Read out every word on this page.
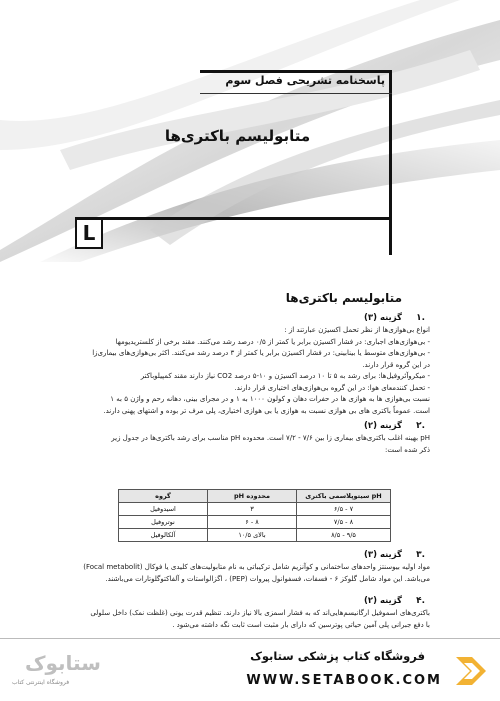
پاسخنامه تشریحی فصل سوم
متابولیسم باکتری‌ها
L
متابولیسم باکتری‌ها
۱.
گزینه (۳)
انواع بی‌هوازی‌ها از نظر تحمل اکسیژن عبارتند از :
- بی‌هوازی‌های اجباری: در فشار اکسیژن برابر یا کمتر از ۰/۵ درصد رشد می‌کنند. مقند برخی از کلستریدیومها
- بی‌هوازی‌های متوسط یا بینابینی: در فشار اکسیژن برابر یا کمتر از ۳ درصد رشد می‌کنند. اکثر بی‌هوازی‌های بیماری‌زا
در این گروه قرار دارند.
- میکروآئروفیل‌ها: برای رشد به ۵ تا ۱۰ درصد اکسیژن و ۱۰-۵ درصد CO2 نیاز دارند مقند کمپیلوباکتر
- تحمل کنندمعای هوا: در این گروه بی‌هوازی‌های اختیاری قرار دارند.
نسبت بی‌هوازی ها به هوازی ها در حفرات دهان و کولون ۱۰۰۰ به ۱ و در مجرای بینی، دهانه رحم و واژن ۵ به ۱
است. عموماً باکتری های بی هوازی نسبت به هوازی یا بی هوازی اختیاری، پلی مرف تر بوده و اشتهای پهنی دارند.
۲.
گزینه (۲)
pH بهینه اغلب باکتری‌های بیماری زا بین ۷/۶ - ۷/۲ است. محدوده pH مناسب برای رشد باکتری‌ها در جدول زیر
ذکر شده است:
pH سیتوپلاسمی باکتری	محدوده pH	گروه
۷ - ۶/۵	۳	اسیدوفیل
۸ - ۷/۵	۸ - ۶	نوتروفیل
۹/۵ - ۸/۵	بالای ۱۰/۵	آلکالوفیل
۳.
گزینه (۳)
مواد اولیه بیوسنتز واحدهای ساختمانی و کوآنزیم شامل ترکیباتی به نام متابولیت‌های کلیدی یا فوکال (Focal metabolit)
می‌باشد. این مواد شامل گلوکز ۶ - فسفات، فسفوانول پیروات (PEP) ، اگزالواستات و آلفاکتوگلوتارات می‌باشند.
۴.
گزینه (۲)
باکتری‌های اسموفیل ارگانیسم‌هایی‌اند که به فشار اسمزی بالا نیاز دارند. تنظیم قدرت یونی (غلظت نمک) داخل سلولی
با دفع جبرانی پلی آمین حیاتی پوترسین که دارای بار مثبت است ثابت نگه داشته می‌شود .
ستابوک
فروشگاه اینترنتی کتاب
فروشگاه کتاب پزشکی ستابوک
WWW.SETABOOK.COM
